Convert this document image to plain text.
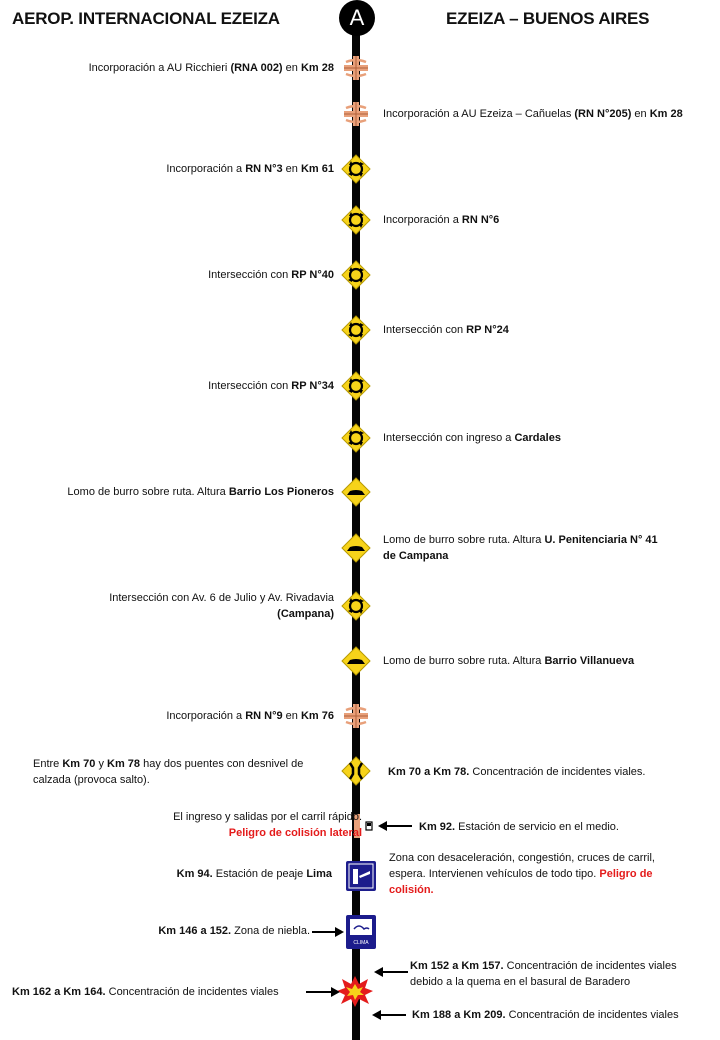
AEROP. INTERNACIONAL EZEIZA	EZEIZA – BUENOS AIRES
A
Incorporación a AU Ricchieri (RNA 002) en Km 28
Incorporación a AU Ezeiza – Cañuelas (RN N°205) en Km 28
Incorporación a RN N°3 en Km 61
Incorporación a RN N°6
Intersección con RP N°40
Intersección con RP N°24
Intersección con RP N°34
Intersección con ingreso a Cardales
Lomo de burro sobre ruta. Altura Barrio Los Pioneros
Lomo de burro sobre ruta. Altura U. Penitenciaria N° 41
de Campana
Intersección con Av. 6 de Julio y Av. Rivadavia
(Campana)
Lomo de burro sobre ruta. Altura Barrio Villanueva
Incorporación a RN N°9 en Km 76
Entre Km 70 y Km 78 hay dos puentes con desnivel de
calzada (provoca salto).
Km 70 a Km 78. Concentración de incidentes viales.
El ingreso y salidas por el carril rápido.
Peligro de colisión lateral	Km 92. Estación de servicio en el medio.
Km 94. Estación de peaje Lima
Zona con desaceleración, congestión, cruces de carril,
espera. Intervienen vehículos de todo tipo. Peligro de
colisión.
CLIMA
Km 146 a 152. Zona de niebla.
Km 152 a Km 157. Concentración de incidentes viales
debido a la quema en el basural de Baradero
Km 162 a Km 164. Concentración de incidentes viales
Km 188 a Km 209. Concentración de incidentes viales
